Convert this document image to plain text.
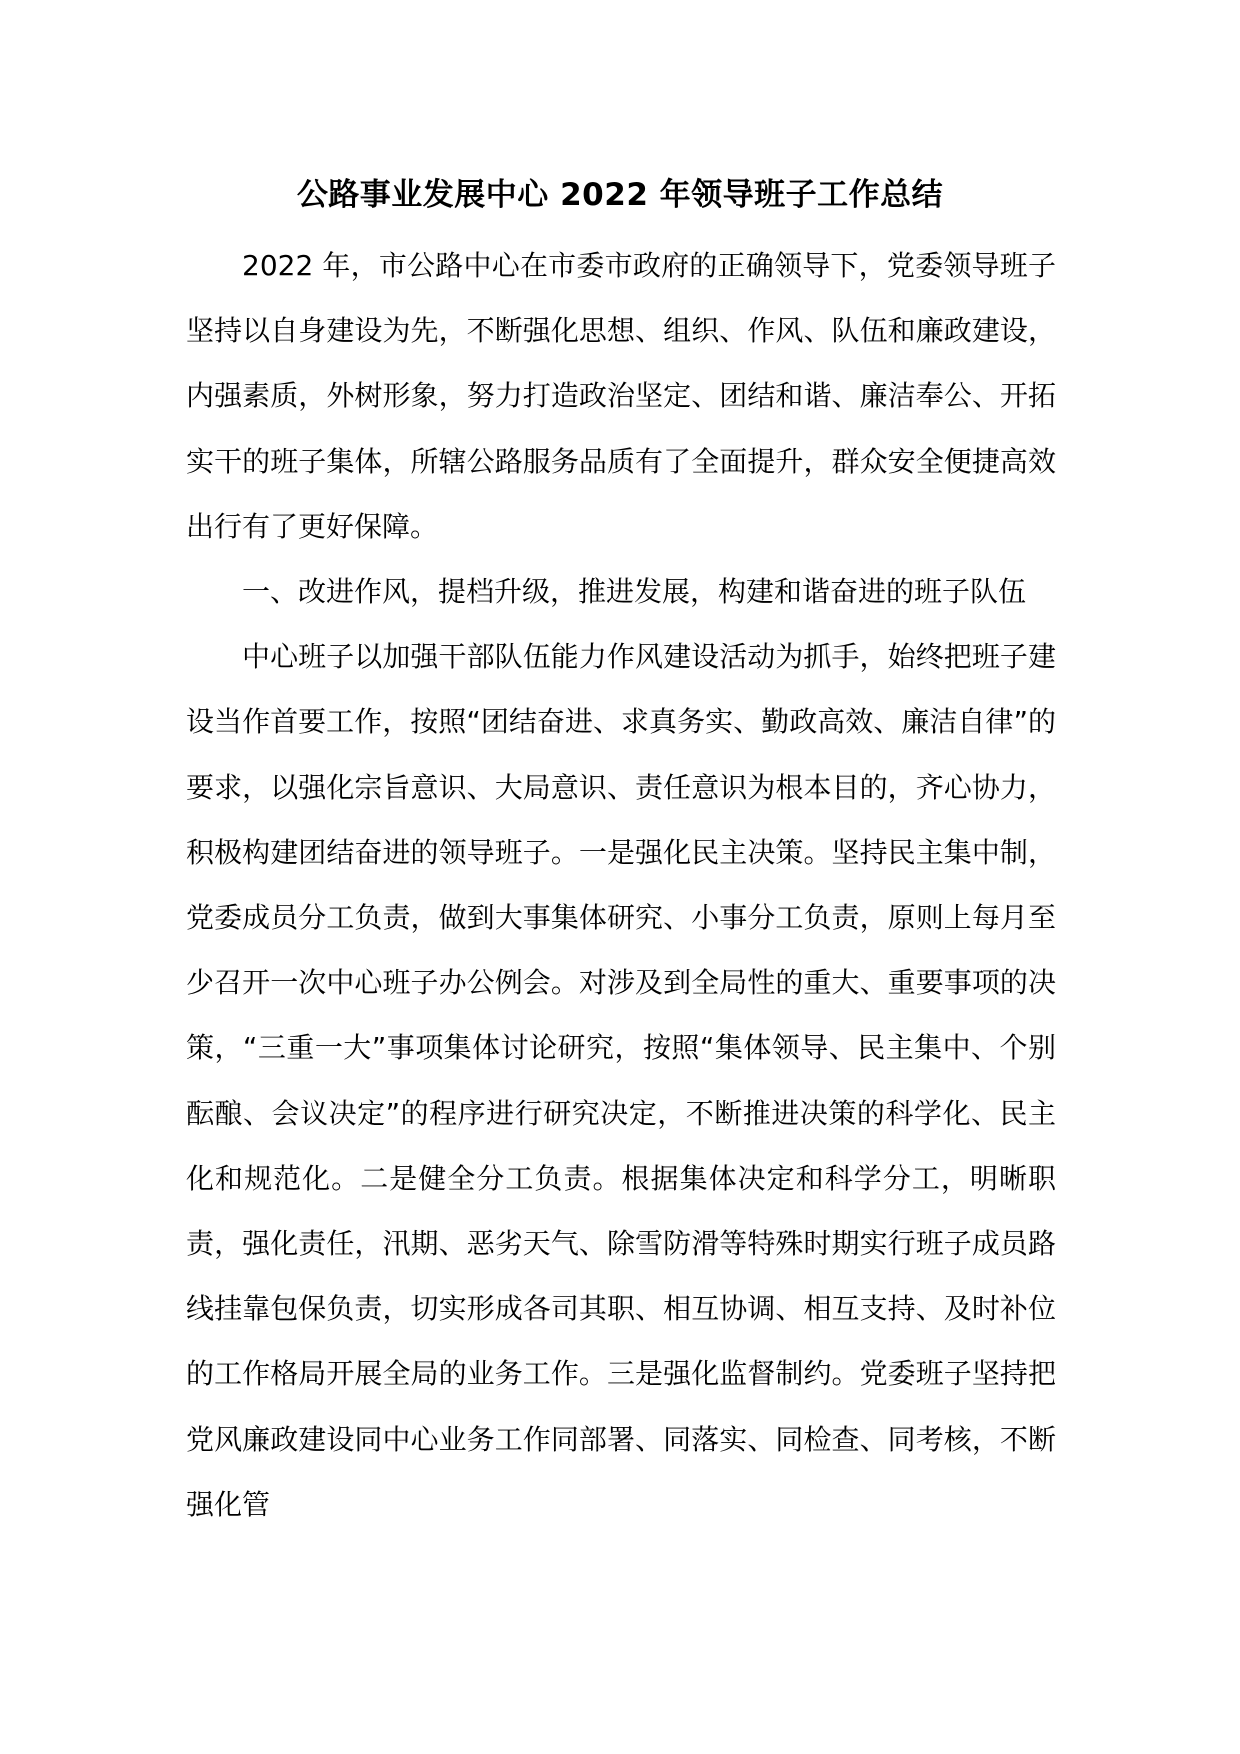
公路事业发展中心 2022 年领导班子工作总结

2022 年，市公路中心在市委市政府的正确领导下，党委领导班子坚持以自身建设为先，不断强化思想、组织、作风、队伍和廉政建设，内强素质，外树形象，努力打造政治坚定、团结和谐、廉洁奉公、开拓实干的班子集体，所辖公路服务品质有了全面提升，群众安全便捷高效出行有了更好保障。

一、改进作风，提档升级，推进发展，构建和谐奋进的班子队伍

中心班子以加强干部队伍能力作风建设活动为抓手，始终把班子建设当作首要工作，按照“团结奋进、求真务实、勤政高效、廉洁自律”的要求，以强化宗旨意识、大局意识、责任意识为根本目的，齐心协力，积极构建团结奋进的领导班子。一是强化民主决策。坚持民主集中制，党委成员分工负责，做到大事集体研究、小事分工负责，原则上每月至少召开一次中心班子办公例会。对涉及到全局性的重大、重要事项的决策，“三重一大”事项集体讨论研究，按照“集体领导、民主集中、个别酝酿、会议决定”的程序进行研究决定，不断推进决策的科学化、民主化和规范化。二是健全分工负责。根据集体决定和科学分工，明晰职责，强化责任，汛期、恶劣天气、除雪防滑等特殊时期实行班子成员路线挂靠包保负责，切实形成各司其职、相互协调、相互支持、及时补位的工作格局开展全局的业务工作。三是强化监督制约。党委班子坚持把党风廉政建设同中心业务工作同部署、同落实、同检查、同考核，不断强化管
